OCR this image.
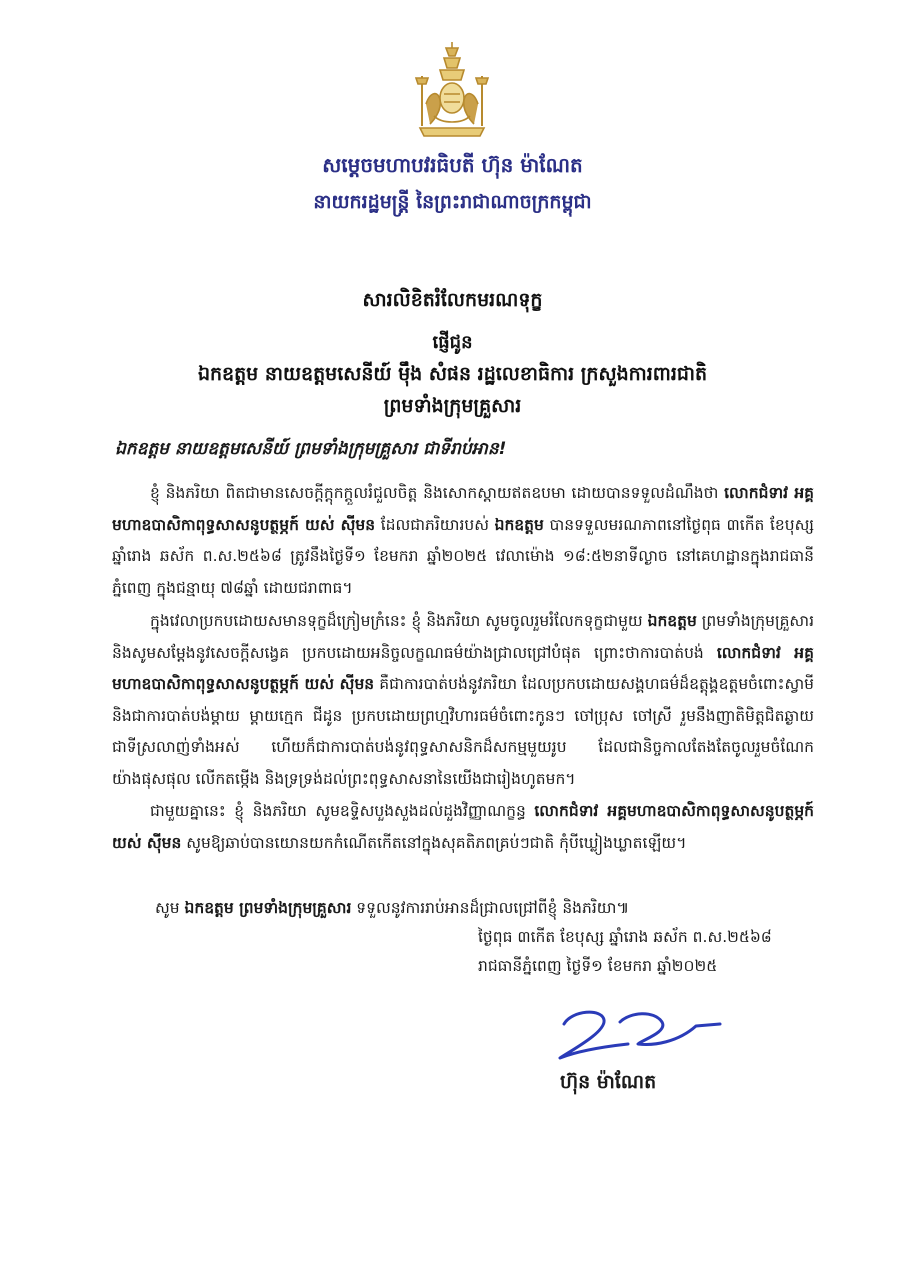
សម្តេចមហាបវរធិបតី ហ៊ុន ម៉ាណែត
នាយករដ្ឋមន្ត្រី នៃព្រះរាជាណាចក្រកម្ពុជា
សារលិខិតរំលែកមរណទុក្ខ
ផ្ញើជូន
ឯកឧត្តម នាយឧត្តមសេនីយ៍ ម៉ឹង សំផន រដ្ឋលេខាធិការ ក្រសួងការពារជាតិ
ព្រមទាំងក្រុមគ្រួសារ
ឯកឧត្តម នាយឧត្តមសេនីយ៍ ព្រមទាំងក្រុមគ្រួសារ ជាទីរាប់អាន!

ខ្ញុំ និងភរិយា ពិតជាមានសេចក្តីក្តុកក្តួលរំជួលចិត្ត និងសោកស្តាយឥតឧបមា ដោយបានទទួលដំណឹងថា លោកជំទាវ អគ្គមហាឧបាសិកាពុទ្ធសាសនូបត្ថម្ភក៍ យស់ ស៊ីមន ដែលជាភរិយារបស់ ឯកឧត្តម បានទទួលមរណភាពនៅថ្ងៃពុធ ៣កើត ខែបុស្ស ឆ្នាំរោង ឆស័ក ព.ស.២៥៦៨ ត្រូវនឹងថ្ងៃទី១ ខែមករា ឆ្នាំ២០២៥ វេលាម៉ោង ១៨:៥២នាទីល្ងាច នៅគេហដ្ឋានក្នុងរាជធានីភ្នំពេញ ក្នុងជន្មាយុ ៧៨ឆ្នាំ ដោយជរាពាធ។

ក្នុងវេលាប្រកបដោយសមានទុក្ខដ៏ក្រៀមក្រំនេះ ខ្ញុំ និងភរិយា សូមចូលរួមរំលែកទុក្ខជាមួយ ឯកឧត្តម ព្រមទាំងក្រុមគ្រួសារ និងសូមសម្តែងនូវសេចក្តីសង្វេគ ប្រកបដោយអនិច្ចលក្ខណធម៌យ៉ាងជ្រាលជ្រៅបំផុត ព្រោះថាការបាត់បង់ លោកជំទាវ អគ្គមហាឧបាសិកាពុទ្ធសាសនូបត្ថម្ភក៍ យស់ ស៊ីមន គឺជាការបាត់បង់នូវភរិយា ដែលប្រកបដោយសង្គហធម៌ដ៏ឧត្តុង្គឧត្តមចំពោះស្វាមី និងជាការបាត់បង់ម្តាយ ម្តាយក្មេក ជីដូន ប្រកបដោយព្រហ្មវិហារធម៌ចំពោះកូនៗ ចៅប្រុស ចៅស្រី រួមនឹងញាតិមិត្តជិតឆ្ងាយ ជាទីស្រលាញ់ទាំងអស់ ហើយក៏ជាការបាត់បង់នូវពុទ្ធសាសនិកដ៏សកម្មមួយរូប ដែលជានិច្ចកាលតែងតែចូលរួមចំណែកយ៉ាងផុសផុល លើកតម្កើង និងទ្រទ្រង់ដល់ព្រះពុទ្ធសាសនានៃយើងជារៀងហូតមក។

ជាមួយគ្នានេះ ខ្ញុំ និងភរិយា សូមឧទ្ទិសបួងសួងដល់ដួងវិញ្ញាណក្ខន្ធ លោកជំទាវ អគ្គមហាឧបាសិកាពុទ្ធសាសនូបត្ថម្ភក៍ យស់ ស៊ីមន សូមឱ្យឆាប់បានយោនយកកំណើតកើតនៅក្នុងសុគតិភពគ្រប់ៗជាតិ កុំបីឃ្លៀងឃ្លាតឡើយ។

សូម ឯកឧត្តម ព្រមទាំងក្រុមគ្រួសារ ទទួលនូវការរាប់អានដ៏ជ្រាលជ្រៅពីខ្ញុំ និងភរិយា៕
ថ្ងៃពុធ ៣កើត ខែបុស្ស ឆ្នាំរោង ឆស័ក ព.ស.២៥៦៨
រាជធានីភ្នំពេញ ថ្ងៃទី១ ខែមករា ឆ្នាំ២០២៥
ហ៊ុន ម៉ាណែត
